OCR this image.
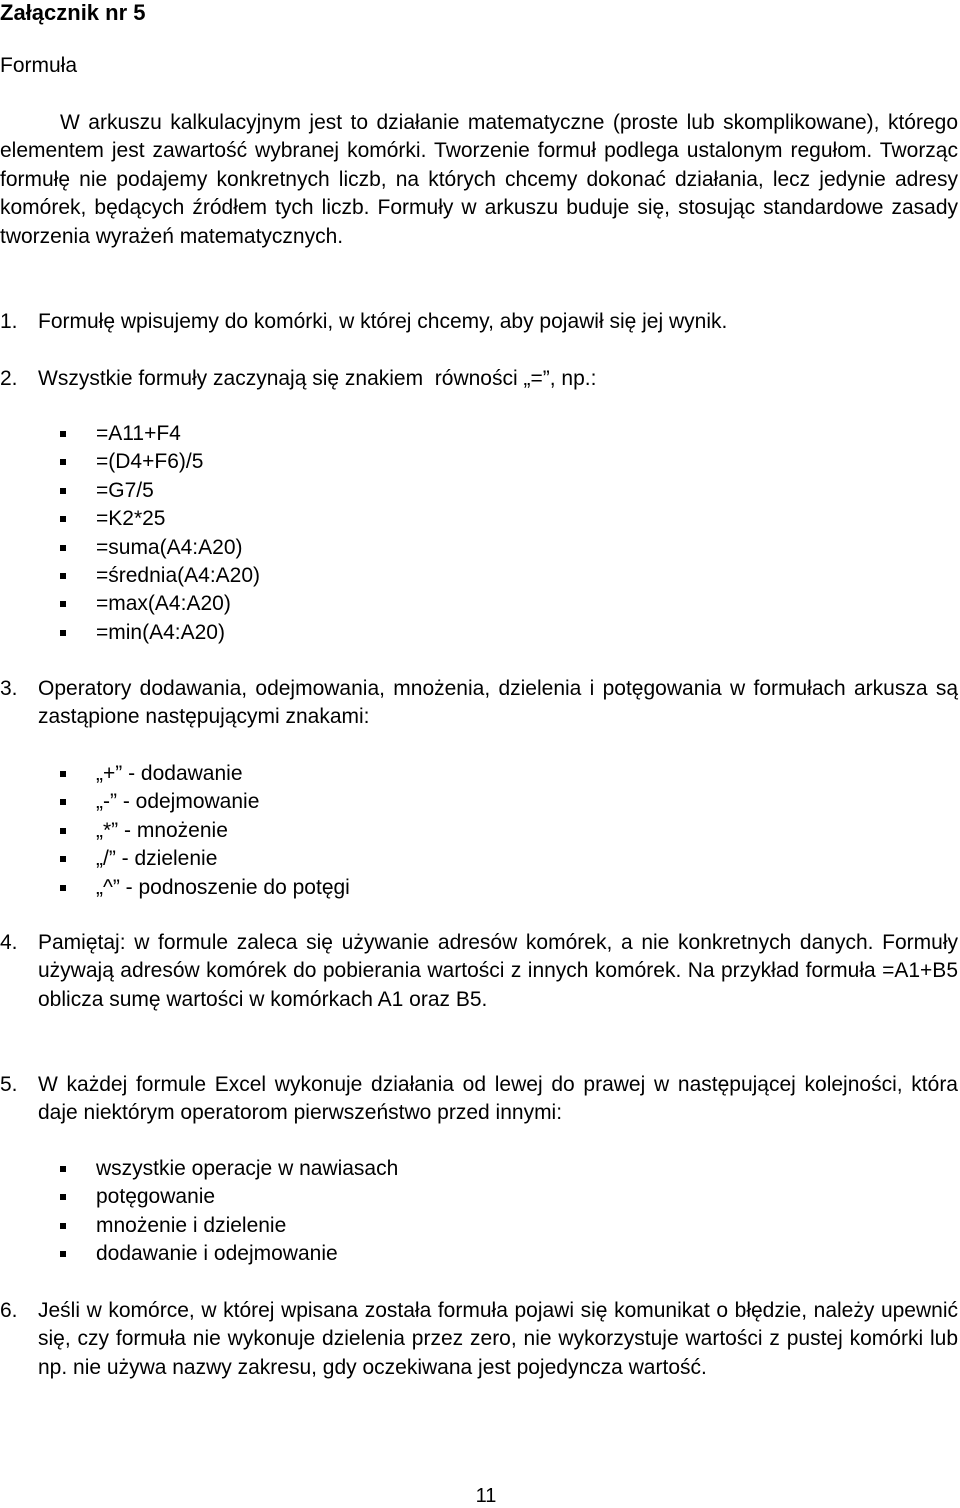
Załącznik nr 5
Formuła

W arkuszu kalkulacyjnym jest to działanie matematyczne (proste lub skomplikowane), którego elementem jest zawartość wybranej komórki. Tworzenie formuł podlega ustalonym regułom. Tworząc formułę nie podajemy konkretnych liczb, na których chcemy dokonać działania, lecz jedynie adresy komórek, będących źródłem tych liczb. Formuły w arkuszu buduje się, stosując standardowe zasady tworzenia wyrażeń matematycznych.

1. Formułę wpisujemy do komórki, w której chcemy, aby pojawił się jej wynik.

2. Wszystkie formuły zaczynają się znakiem  równości „=”, np.:

=A11+F4
=(D4+F6)/5
=G7/5
=K2*25
=suma(A4:A20)
=średnia(A4:A20)
=max(A4:A20)
=min(A4:A20)
3. Operatory dodawania, odejmowania, mnożenia, dzielenia i potęgowania w formułach arkusza są zastąpione następującymi znakami:

„+” - dodawanie
„-” - odejmowanie
„*” - mnożenie
„/” - dzielenie
„^” - podnoszenie do potęgi
4. Pamiętaj: w formule zaleca się używanie adresów komórek, a nie konkretnych danych. Formuły używają adresów komórek do pobierania wartości z innych komórek. Na przykład formuła =A1+B5 oblicza sumę wartości w komórkach A1 oraz B5.

5. W każdej formule Excel wykonuje działania od lewej do prawej w następującej kolejności, która daje niektórym operatorom pierwszeństwo przed innymi:

wszystkie operacje w nawiasach
potęgowanie
mnożenie i dzielenie
dodawanie i odejmowanie
6. Jeśli w komórce, w której wpisana została formuła pojawi się komunikat o błędzie, należy upewnić się, czy formuła nie wykonuje dzielenia przez zero, nie wykorzystuje wartości z pustej komórki lub np. nie używa nazwy zakresu, gdy oczekiwana jest pojedyncza wartość.

11
